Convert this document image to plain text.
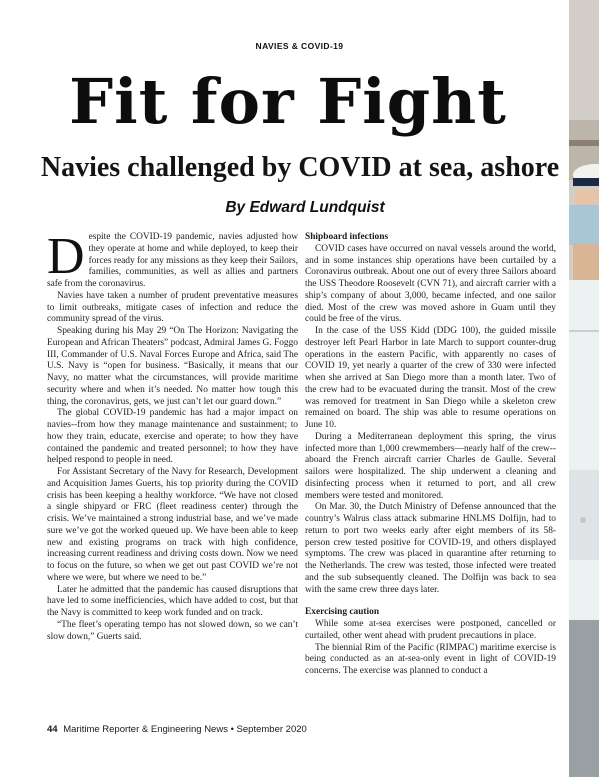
NAVIES & COVID-19
Fit for Fight
Navies challenged by COVID at sea, ashore
By Edward Lundquist

Despite the COVID-19 pandemic, navies adjusted how they operate at home and while deployed, to keep their forces ready for any missions as they keep their Sailors, families, communities, as well as allies and partners safe from the coronavirus.

Navies have taken a number of prudent preventative measures to limit outbreaks, mitigate cases of infection and reduce the community spread of the virus.

Speaking during his May 29 “On The Horizon: Navigating the European and African Theaters” podcast, Admiral James G. Foggo III, Commander of U.S. Naval Forces Europe and Africa, said The U.S. Navy is “open for business. “Basically, it means that our Navy, no matter what the circumstances, will provide maritime security where and when it’s needed. No matter how tough this thing, the coronavirus, gets, we just can’t let our guard down.”

The global COVID-19 pandemic has had a major impact on navies--from how they manage maintenance and sustainment; to how they train, educate, exercise and operate; to how they have contained the pandemic and treated personnel; to how they have helped respond to people in need.

For Assistant Secretary of the Navy for Research, Development and Acquisition James Guerts, his top priority during the COVID crisis has been keeping a healthy workforce. “We have not closed a single shipyard or FRC (fleet readiness center) through the crisis. We’ve maintained a strong industrial base, and we’ve made sure we’ve got the worked queued up. We have been able to keep new and existing programs on track with high confidence, increasing current readiness and driving costs down. Now we need to focus on the future, so when we get out past COVID we’re not where we were, but where we need to be.”

Later he admitted that the pandemic has caused disruptions that have led to some inefficiencies, which have added to cost, but that the Navy is committed to keep work funded and on track.

“The fleet’s operating tempo has not slowed down, so we can’t slow down,” Guerts said.

Shipboard infections

COVID cases have occurred on naval vessels around the world, and in some instances ship operations have been curtailed by a Coronavirus outbreak. About one out of every three Sailors aboard the USS Theodore Roosevelt (CVN 71), and aircraft carrier with a ship’s company of about 3,000, became infected, and one sailor died. Most of the crew was moved ashore in Guam until they could be free of the virus.

In the case of the USS Kidd (DDG 100), the guided missile destroyer left Pearl Harbor in late March to support counter-drug operations in the eastern Pacific, with apparently no cases of COVID 19, yet nearly a quarter of the crew of 330 were infected when she arrived at San Diego more than a month later. Two of the crew had to be evacuated during the transit. Most of the crew was removed for treatment in San Diego while a skeleton crew remained on board. The ship was able to resume operations on June 10.

During a Mediterranean deployment this spring, the virus infected more than 1,000 crewmembers—nearly half of the crew-- aboard the French aircraft carrier Charles de Gaulle. Several sailors were hospitalized. The ship underwent a cleaning and disinfecting process when it returned to port, and all crew members were tested and monitored.

On Mar. 30, the Dutch Ministry of Defense announced that the country’s Walrus class attack submarine HNLMS Dolfijn, had to return to port two weeks early after eight members of its 58-person crew tested positive for COVID-19, and others displayed symptoms. The crew was placed in quarantine after returning to the Netherlands. The crew was tested, those infected were treated and the sub subsequently cleaned. The Dolfijn was back to sea with the same crew three days later.

Exercising caution

While some at-sea exercises were postponed, cancelled or curtailed, other went ahead with prudent precautions in place.

The biennial Rim of the Pacific (RIMPAC) maritime exercise is being conducted as an at-sea-only event in light of COVID-19 concerns. The exercise was planned to conduct a

44 Maritime Reporter & Engineering News • September 2020
